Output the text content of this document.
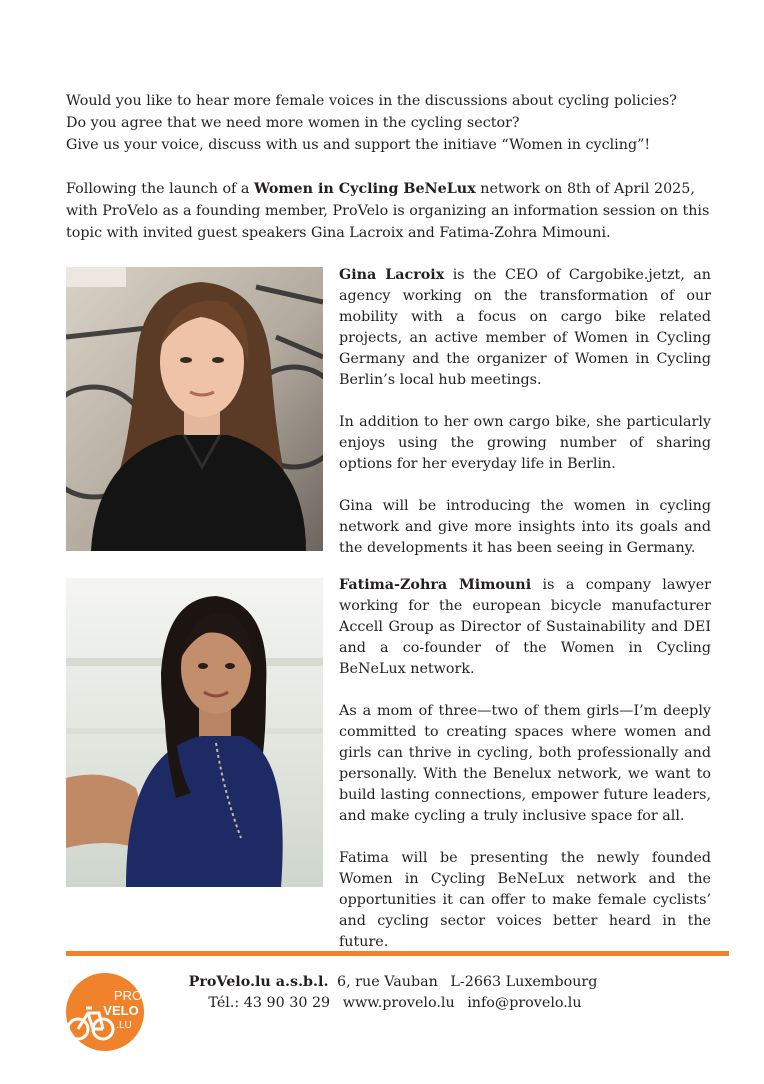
Would you like to hear more female voices in the discussions about cycling policies?

Do you agree that we need more women in the cycling sector?

Give us your voice, discuss with us and support the initiave “Women in cycling”!

Following the launch of a Women in Cycling BeNeLux network on 8th of April 2025, with ProVelo as a founding member, ProVelo is organizing an information session on this topic with invited guest speakers Gina Lacroix and Fatima-Zohra Mimouni.

Gina Lacroix is the CEO of Cargobike.jetzt, an agency working on the transformation of our mobility with a focus on cargo bike related projects, an active member of Women in Cycling Germany and the organizer of Women in Cycling Berlin’s local hub meetings.

In addition to her own cargo bike, she particularly enjoys using the growing number of sharing options for her everyday life in Berlin.

Gina will be introducing the women in cycling network and give more insights into its goals and the developments it has been seeing in Germany.

Fatima-Zohra Mimouni is a company lawyer working for the european bicycle manufacturer Accell Group as Director of Sustainability and DEI and a co-founder of the Women in Cycling BeNeLux network.

As a mom of three—two of them girls—I’m deeply committed to creating spaces where women and girls can thrive in cycling, both professionally and personally. With the Benelux network, we want to build lasting connections, empower future leaders, and make cycling a truly inclusive space for all.

Fatima will be presenting the newly founded Women in Cycling BeNeLux network and the opportunities it can offer to make female cyclists’ and cycling sector voices better heard in the future.

PRO
VELO
.LU
ProVelo.lu a.s.b.l. 6, rue Vauban L-2663 Luxembourg
Tél.: 43 90 30 29 www.provelo.lu info@provelo.lu
